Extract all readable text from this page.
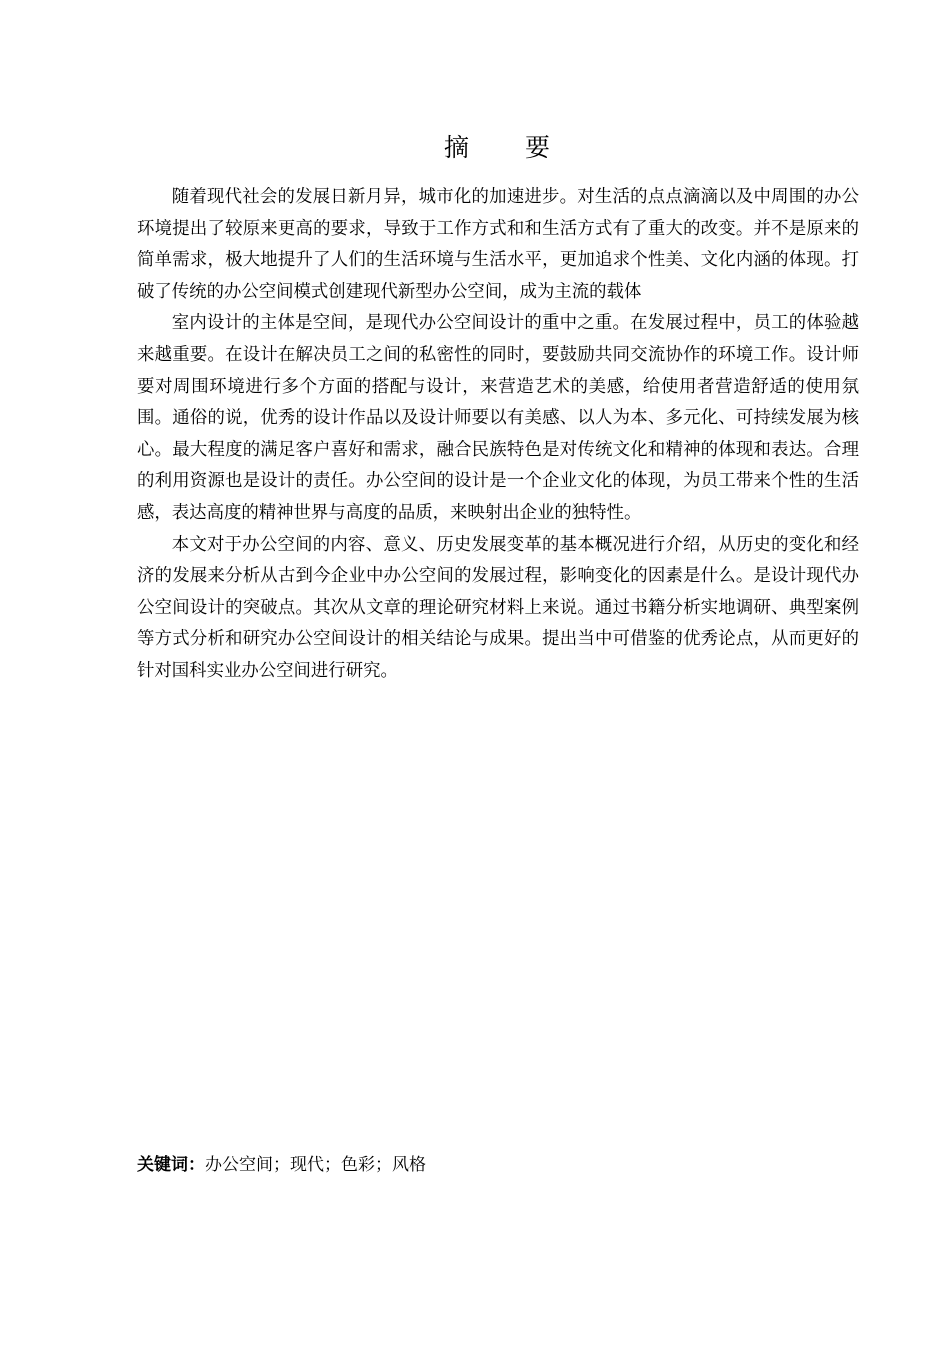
摘 要

随着现代社会的发展日新月异，城市化的加速进步。对生活的点点滴滴以及中周围的办公环境提出了较原来更高的要求，导致于工作方式和和生活方式有了重大的改变。并不是原来的简单需求，极大地提升了人们的生活环境与生活水平，更加追求个性美、文化内涵的体现。打破了传统的办公空间模式创建现代新型办公空间，成为主流的载体

室内设计的主体是空间，是现代办公空间设计的重中之重。在发展过程中，员工的体验越来越重要。在设计在解决员工之间的私密性的同时，要鼓励共同交流协作的环境工作。设计师要对周围环境进行多个方面的搭配与设计，来营造艺术的美感，给使用者营造舒适的使用氛围。通俗的说，优秀的设计作品以及设计师要以有美感、以人为本、多元化、可持续发展为核心。最大程度的满足客户喜好和需求，融合民族特色是对传统文化和精神的体现和表达。合理的利用资源也是设计的责任。办公空间的设计是一个企业文化的体现，为员工带来个性的生活感，表达高度的精神世界与高度的品质，来映射出企业的独特性。

本文对于办公空间的内容、意义、历史发展变革的基本概况进行介绍，从历史的变化和经济的发展来分析从古到今企业中办公空间的发展过程，影响变化的因素是什么。是设计现代办公空间设计的突破点。其次从文章的理论研究材料上来说。通过书籍分析实地调研、典型案例等方式分析和研究办公空间设计的相关结论与成果。提出当中可借鉴的优秀论点，从而更好的针对国科实业办公空间进行研究。

关键词：办公空间；现代；色彩；风格
